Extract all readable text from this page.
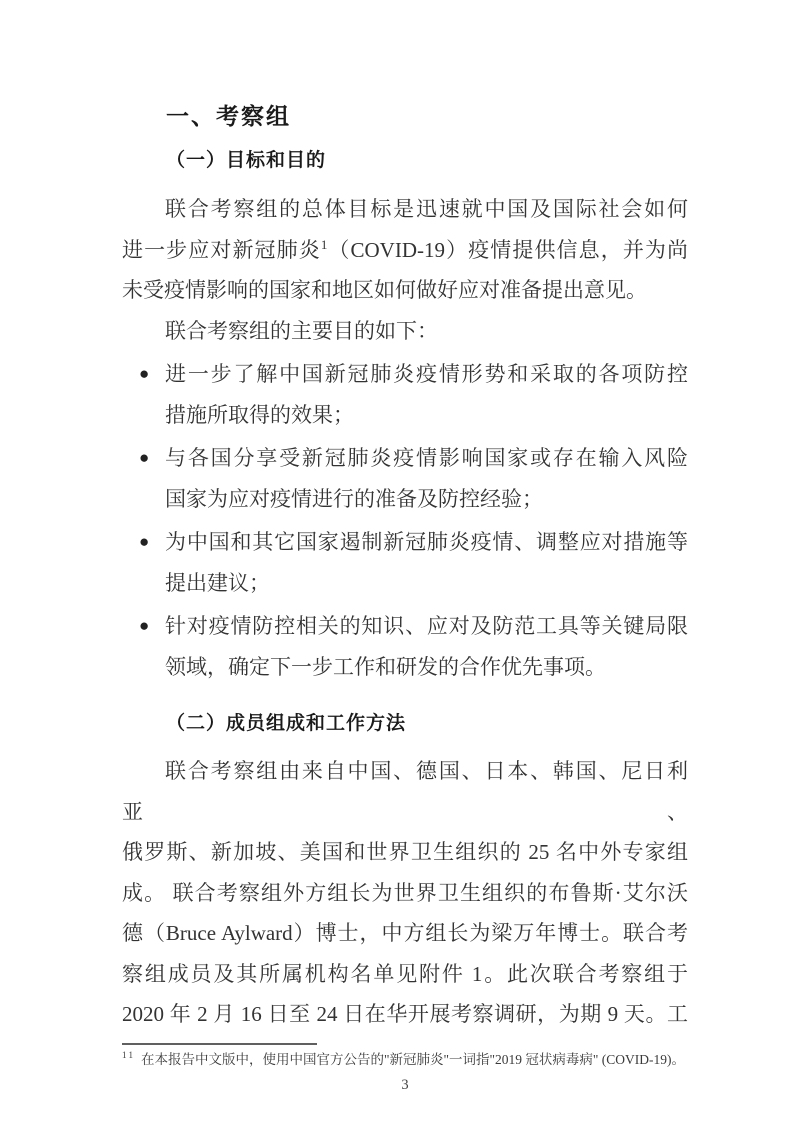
一、考察组
（一）目标和目的
联合考察组的总体目标是迅速就中国及国际社会如何
进一步应对新冠肺炎$^1$（COVID-19）疫情提供信息，并为尚
未受疫情影响的国家和地区如何做好应对准备提出意见。
联合考察组的主要目的如下：
● 进一步了解中国新冠肺炎疫情形势和采取的各项防控
措施所取得的效果；
● 与各国分享受新冠肺炎疫情影响国家或存在输入风险
国家为应对疫情进行的准备及防控经验；
● 为中国和其它国家遏制新冠肺炎疫情、调整应对措施等
提出建议；
● 针对疫情防控相关的知识、应对及防范工具等关键局限
领域，确定下一步工作和研发的合作优先事项。
（二）成员组成和工作方法
联合考察组由来自中国、德国、日本、韩国、尼日利亚、
俄罗斯、新加坡、美国和世界卫生组织的 25 名中外专家组
成。 联合考察组外方组长为世界卫生组织的布鲁斯·艾尔沃
德（Bruce Aylward）博士，中方组长为梁万年博士。联合考
察组成员及其所属机构名单见附件 1。此次联合考察组于
2020 年 2 月 16 日至 24 日在华开展考察调研，为期 9 天。工
$^1$ $^1$ 在本报告中文版中，使用中国官方公告的"新冠肺炎"一词指"2019 冠状病毒病" (COVID-19)。
3
